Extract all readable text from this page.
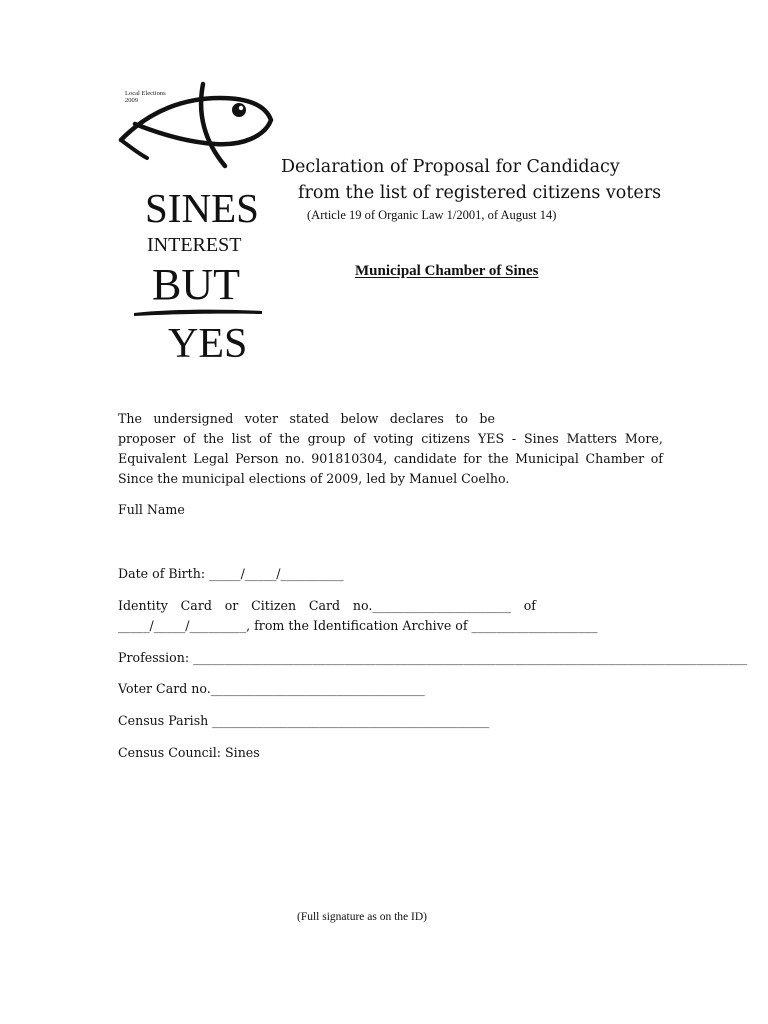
Local Elections
2009
SINES
INTEREST
BUT
YES
Declaration of Proposal for Candidacy
from the list of registered citizens voters
(Article 19 of Organic Law 1/2001, of August 14)
Municipal Chamber of Sines
The undersigned voter stated below declares to be
proposer of the list of the group of voting citizens YES - Sines Matters More,
Equivalent Legal Person no. 901810304, candidate for the Municipal Chamber of
Since the municipal elections of 2009, led by Manuel Coelho.
Full Name
Date of Birth: _____/_____/__________
Identity Card or Citizen Card no.______________________ of
_____/_____/_________, from the Identification Archive of ____________________
Profession: ________________________________________________________________________________________
Voter Card no.__________________________________
Census Parish ____________________________________________
Census Council: Sines
(Full signature as on the ID)
